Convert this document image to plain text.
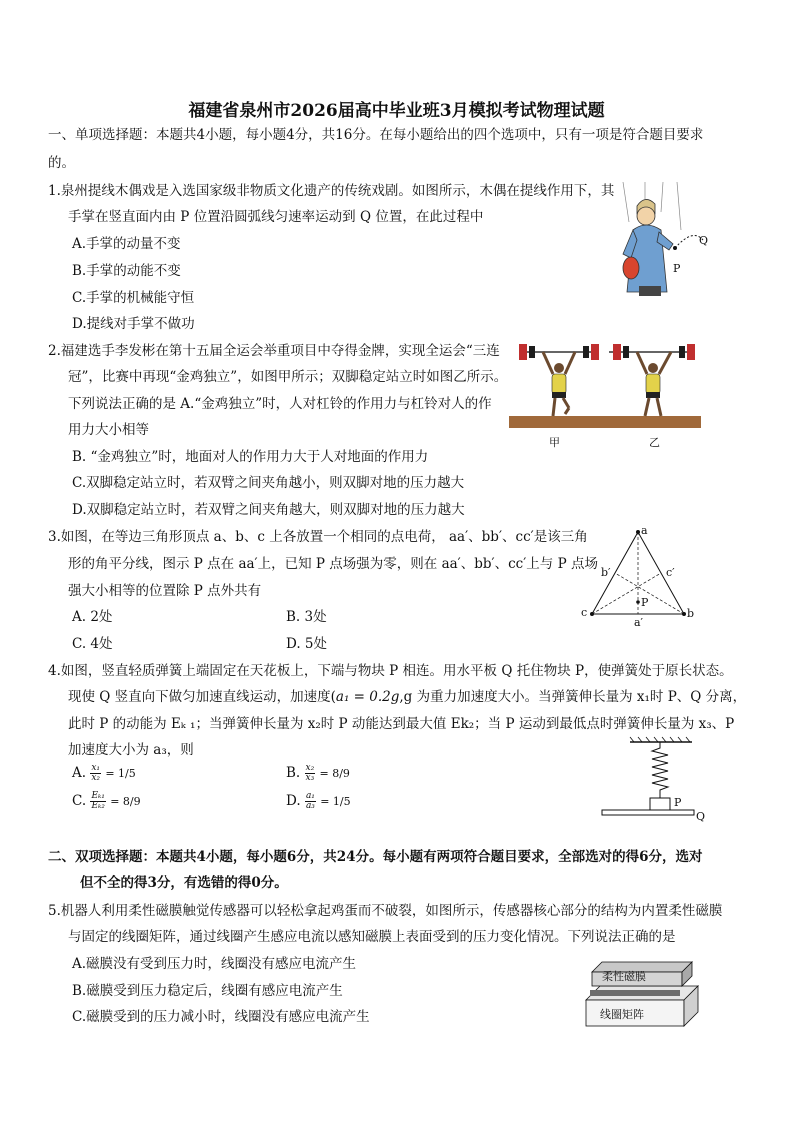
福建省泉州市2026届高中毕业班3月模拟考试物理试题
一、单项选择题：本题共4小题，每小题4分，共16分。在每小题给出的四个选项中，只有一项是符合题目要求
的。
1.泉州提线木偶戏是入选国家级非物质文化遗产的传统戏剧。如图所示，木偶在提线作用下，其
手掌在竖直面内由 P 位置沿圆弧线匀速率运动到 Q 位置，在此过程中
A.手掌的动量不变
B.手掌的动能不变
C.手掌的机械能守恒
D.提线对手掌不做功
Q
P
2.福建选手李发彬在第十五届全运会举重项目中夺得金牌，实现全运会“三连
冠”，比赛中再现“金鸡独立”，如图甲所示；双脚稳定站立时如图乙所示。
下列说法正确的是 A.“金鸡独立”时，人对杠铃的作用力与杠铃对人的作
用力大小相等
B. “金鸡独立”时，地面对人的作用力大于人对地面的作用力
C.双脚稳定站立时，若双臂之间夹角越小，则双脚对地的压力越大
D.双脚稳定站立时，若双臂之间夹角越大，则双脚对地的压力越大
甲	乙
3.如图，在等边三角形顶点 a、b、c 上各放置一个相同的点电荷， aa′、bb′、cc′是该三角
形的角平分线，图示 P 点在 aa′上，已知 P 点场强为零，则在 aa′、bb′、cc′上与 P 点场
强大小相等的位置除 P 点外共有
A. 2处	B. 3处
C. 4处	D. 5处
a
c	b
a′
b′	c′
P
4.如图，竖直轻质弹簧上端固定在天花板上，下端与物块 P 相连。用水平板 Q 托住物块 P，使弹簧处于原长状态。
现使 Q 竖直向下做匀加速直线运动，加速度(a₁ = 0.2g,g 为重力加速度大小。当弹簧伸长量为 x₁时 P、Q 分离，
此时 P 的动能为 Eₖ ₁；当弹簧伸长量为 x₂时 P 动能达到最大值 Ek₂；当 P 运动到最低点时弹簧伸长量为 x₃、P
加速度大小为 a₃，则
A. $\frac{\text{x₁}}{\text{x₂}} = 1/5$	B. $\frac{\text{x₂}}{\text{x₃}} = 8/9$
C. $\frac{\text{Eₖ₁}}{\text{Eₖ₂}} = 8/9$	D. $\frac{\text{a₁}}{\text{a₃}} = 1/5$	P
Q
二、双项选择题：本题共4小题，每小题6分，共24分。每小题有两项符合题目要求，全部选对的得6分，选对
但不全的得3分，有选错的得0分。
5.机器人利用柔性磁膜触觉传感器可以轻松拿起鸡蛋而不破裂，如图所示，传感器核心部分的结构为内置柔性磁膜
与固定的线圈矩阵，通过线圈产生感应电流以感知磁膜上表面受到的压力变化情况。下列说法正确的是
A.磁膜没有受到压力时，线圈没有感应电流产生
B.磁膜受到压力稳定后，线圈有感应电流产生
C.磁膜受到的压力减小时，线圈没有感应电流产生
柔性磁膜
线圈矩阵
